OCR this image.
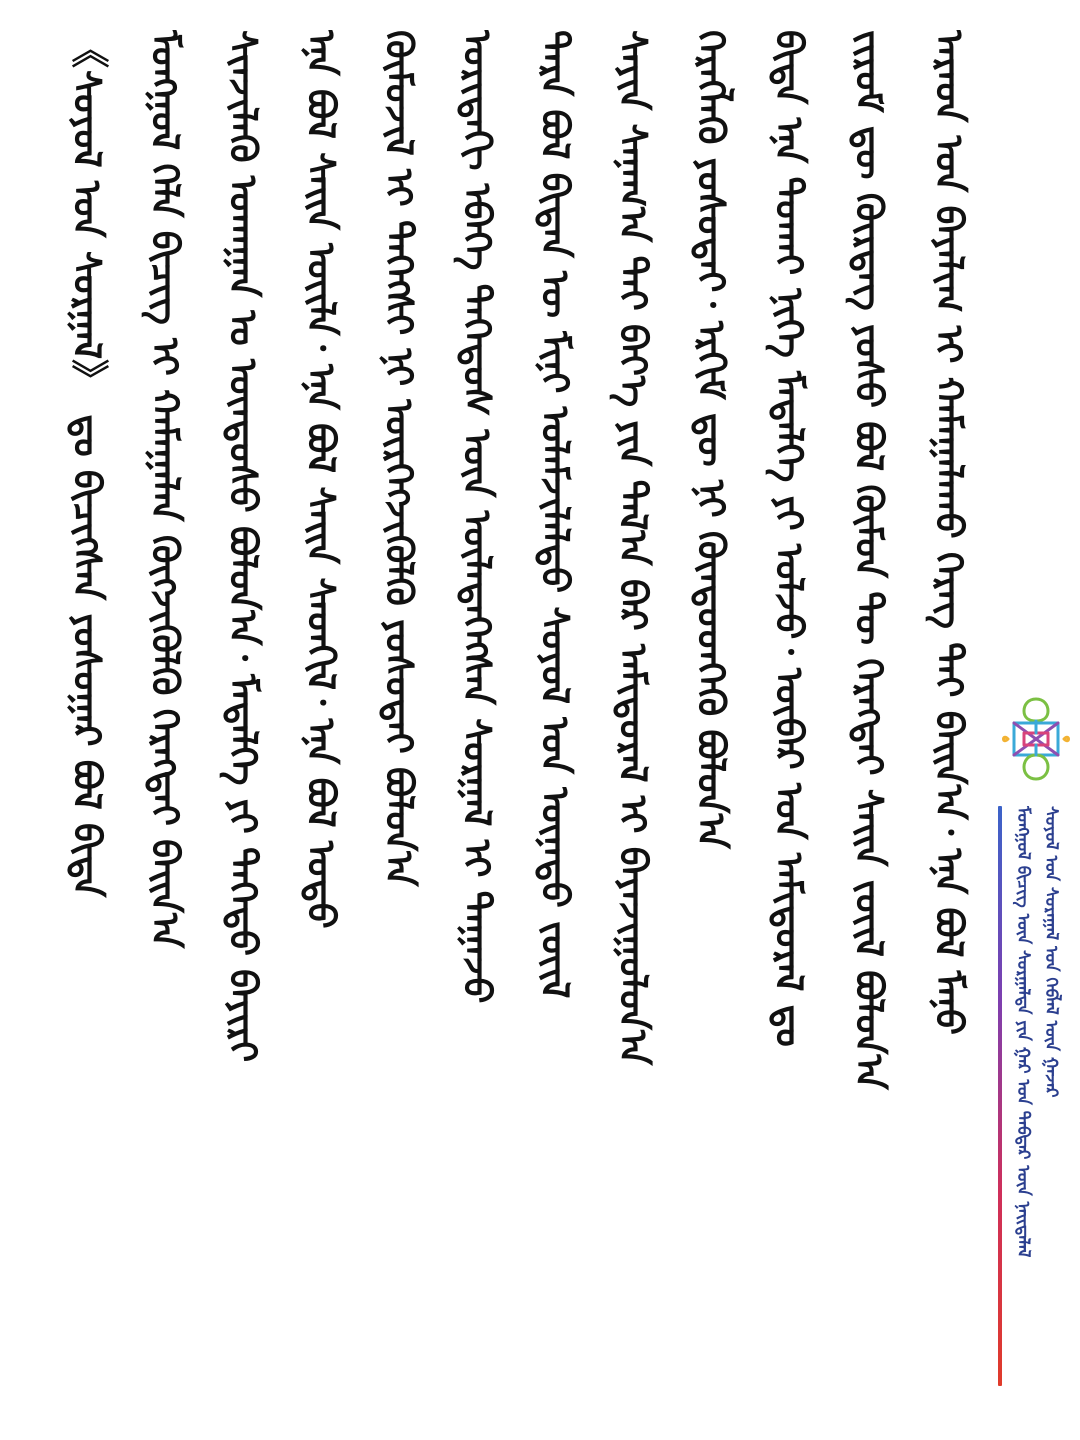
ᠠᠷᠠᠳ ᠤᠨ ᠪᠠᠶᠠᠯᠢᠭ ᠢ ᠬᠠᠮᠠᠭᠠᠯᠠᠬᠤ ᠬᠡᠷᠡᠭ ᠲᠡᠢ ᠪᠠᠢᠨ᠎ᠠ᠂ ᠡᠨᠡ ᠪᠣᠯ ᠮᠠᠨᠤ
ᠵᠢᠷᠤᠮ ᠳᠦ ᠬᠦᠷᠳᠡᠭ ᠶᠣᠰᠣ ᠪᠣᠯ ᠬᠦᠮᠦᠨ ᠲᠦ ᠬᠡᠷᠡᠭᠲᠡᠢ ᠰᠠᠢᠨ ᠵᠦᠢᠯ ᠪᠣᠯᠤᠨ᠎ᠠ
ᠪᠢᠳᠡ ᠡᠨᠡ ᠲᠤᠬᠠᠢ ᠨᠢᠭᠡ ᠮᠡᠳᠡᠯᠭᠡ ᠶᠢ ᠣᠯᠵᠤ᠂ ᠥᠪᠡᠷ ᠤᠨ ᠠᠮᠢᠳᠤᠷᠠᠯ ᠳᠤ
ᠬᠡᠷᠡᠭᠯᠡᠬᠦ ᠶᠣᠰᠣᠲᠠᠢ᠂ ᠡᠷᠬᠢᠮ ᠳᠦ ᠨᠢ ᠬᠦᠨᠳᠦᠳᠬᠡᠬᠦ ᠪᠣᠯᠤᠨ᠎ᠠ
ᠰᠠᠶᠢᠨ ᠰᠠᠨᠠᠭ᠎ᠠ ᠲᠠᠢ ᠪᠡᠶ᠎ᠡ ᠶᠢᠨ ᠲᠠᠯ᠎ᠠ ᠪᠠᠷ ᠠᠮᠢᠳᠤᠷᠠᠯ ᠢ ᠪᠠᠶᠠᠵᠢᠭᠤᠯᠤᠨ᠎ᠠ
ᠲᠡᠷᠡ ᠪᠣᠯ ᠪᠢᠳᠡᠨ ᠦ ᠮᠢᠨᠢ ᠤᠯᠠᠮᠵᠢᠯᠠᠯᠲᠤ ᠰᠤᠶᠤᠯ ᠤᠨ ᠦᠨᠡᠲᠦ ᠵᠦᠢᠯ
ᠤᠷᠢᠳᠠᠬᠢ ᠡᠪᠡᠭᠡ ᠳᠡᠭᠡᠳᠦᠰ ᠦᠨ ᠦᠯᠡᠳᠡᠭᠡᠭᠰᠡᠨ ᠰᠤᠷᠭᠠᠯ ᠢ ᠳᠠᠭᠠᠵᠤ
ᠬᠦᠮᠦᠵᠢᠯ ᠢ ᠳᠡᠭᠡᠭᠰᠢ ᠨᠢ ᠥᠷᠭᠡᠭᠵᠢᠭᠦᠯᠬᠦ ᠶᠣᠰᠣᠲᠠᠢ ᠪᠣᠯᠤᠨ᠎ᠠ
ᠡᠨᠡ ᠪᠣᠯ ᠰᠠᠢᠨ ᠦᠢᠯᠡ᠂ ᠡᠨᠡ ᠪᠣᠯ ᠰᠠᠢᠨ ᠰᠡᠳᠬᠢᠯ᠂ ᠡᠨᠡ ᠪᠣᠯ ᠣᠳᠣ
ᠰᠢᠨᠵᠢᠯᠡᠬᠦ ᠤᠬᠠᠭᠠᠨ ᠤ ᠦᠨᠳᠦᠰᠦ ᠪᠣᠯᠤᠨ᠎ᠠ᠂ ᠮᠡᠳᠡᠯᠭᠡ ᠶᠢ ᠳᠡᠭᠡᠳᠦ ᠪᠠᠶᠢᠷᠢ
ᠮᠣᠩᠭᠣᠯ ᠬᠡᠯᠡ ᠪᠢᠴᠢᠭ ᠢ ᠬᠠᠮᠠᠭᠠᠯᠠᠨ ᠬᠥᠭᠵᠢᠭᠦᠯᠬᠦ ᠬᠡᠷᠡᠭᠲᠡᠢ ᠪᠠᠢᠨ᠎ᠠ
《ᠰᠣᠶᠤᠯ ᠤᠨ ᠰᠤᠷᠭᠠᠯ》 ᠳᠤ ᠪᠢᠴᠢᠭᠰᠡᠨ ᠶᠣᠰᠣᠭᠠᠷ ᠪᠣᠯ ᠪᠢᠳᠡ
ᠰᠣᠶᠤᠯ ᠤᠨ ᠰᠤᠷᠠᠭᠠᠯ ᠤᠨ ᠬᠡᠪᠯᠡᠯ ᠦᠨ ᠭᠠᠵᠠᠷ
ᠮᠣᠩᠭᠣᠯ ᠪᠢᠴᠢᠭ ᠦᠨ ᠰᠤᠷᠭᠠᠯᠲᠠ ᠶᠢᠨ ᠭᠠᠷ ᠤᠨ ᠳᠡᠪᠲᠡᠷ ᠦᠨ ᠨᠡᠢᠲᠡᠯᠡᠯ
